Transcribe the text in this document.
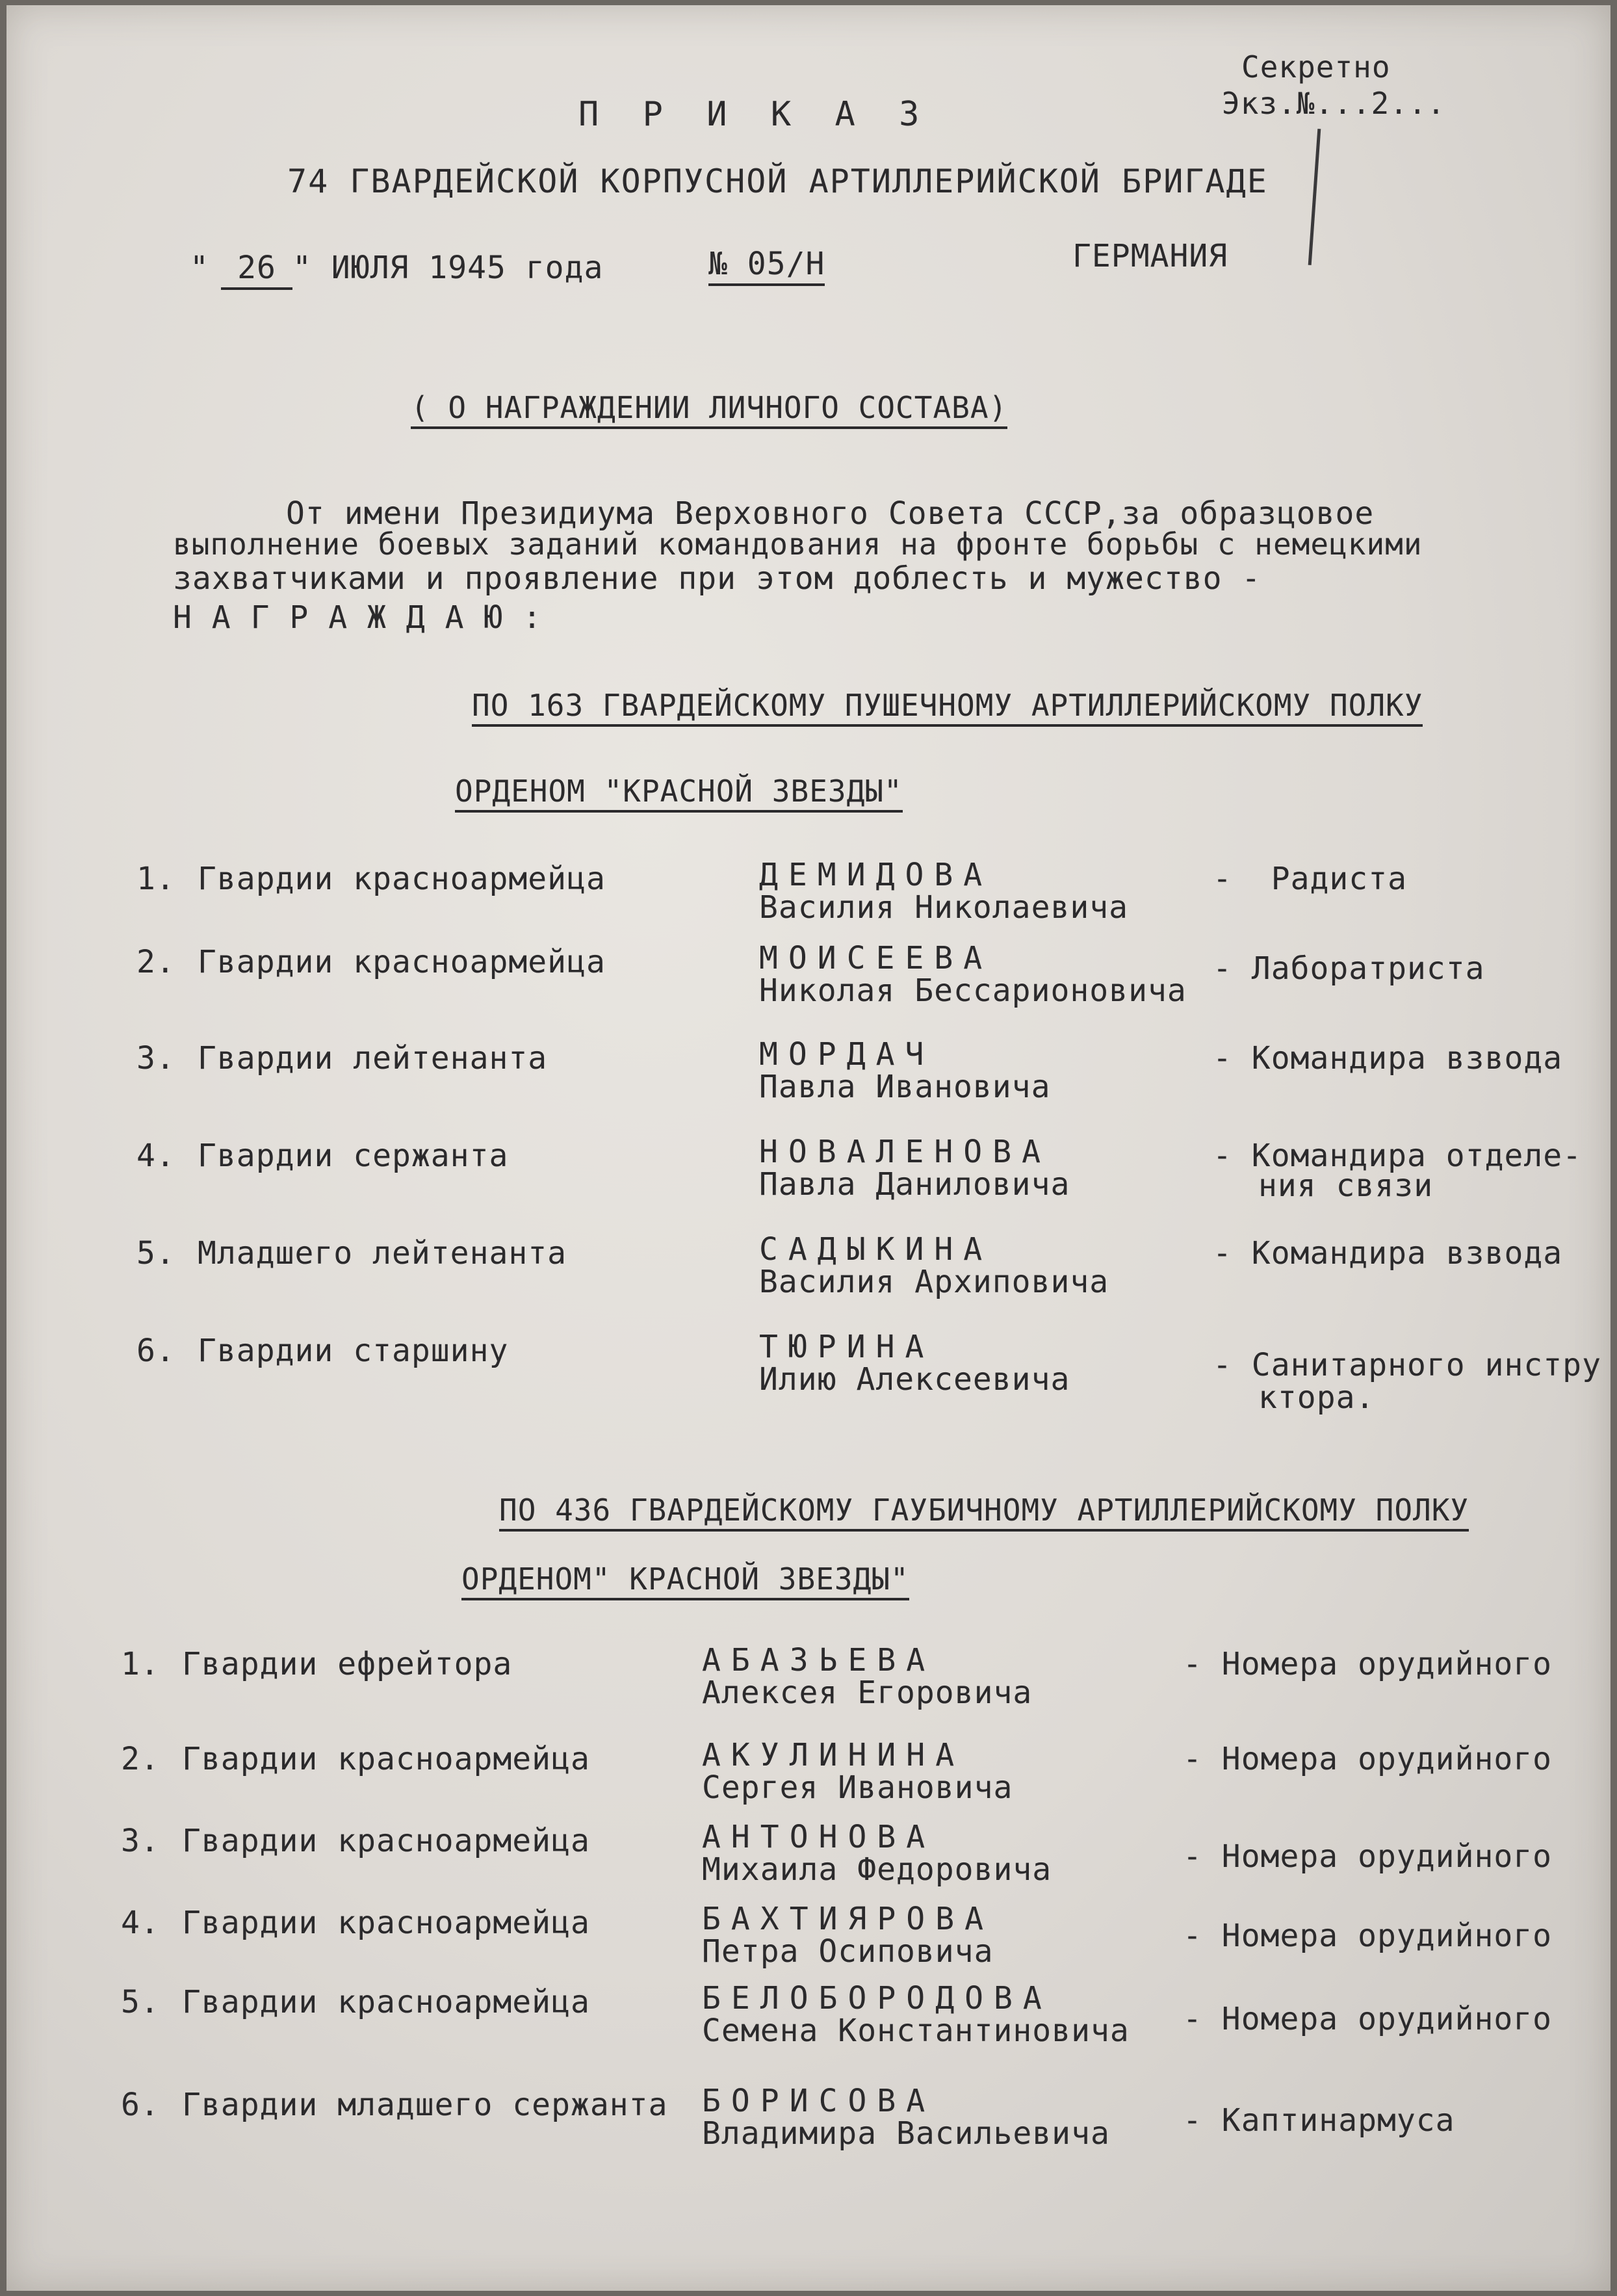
Секретно
Экз.№...2...
П Р И К А З
74 ГВАРДЕЙСКОЙ КОРПУСНОЙ АРТИЛЛЕРИЙСКОЙ БРИГАДЕ
" 26 " ИЮЛЯ 1945 года	№ 05/Н	ГЕРМАНИЯ
( О НАГРАЖДЕНИИ ЛИЧНОГО СОСТАВА)
От имени Президиума Верховного Совета СССР,за образцовое
выполнение боевых заданий командования на фронте борьбы с немецкими
захватчиками и проявление при этом доблесть и мужество -
Н А Г Р А Ж Д А Ю :
ПО 163 ГВАРДЕЙСКОМУ ПУШЕЧНОМУ АРТИЛЛЕРИЙСКОМУ ПОЛКУ
ОРДЕНОМ "КРАСНОЙ ЗВЕЗДЫ"
1. Гвардии красноармейца	ДЕМИДОВА
Василия Николаевича
-  Радиста
2. Гвардии красноармейца	МОИСЕЕВА
Николая Бессарионовича
- Лаборатриста
3. Гвардии лейтенанта	МОРДАЧ
Павла Ивановича
- Командира взвода
4. Гвардии сержанта	НОВАЛЕНОВА
Павла Даниловича
- Командира отделе-
ния связи
5. Младшего лейтенанта	САДЫКИНА
Василия Архиповича
- Командира взвода
6. Гвардии старшину	ТЮРИНА
Илию Алексеевича	- Санитарного инстру
ктора.
ПО 436 ГВАРДЕЙСКОМУ ГАУБИЧНОМУ АРТИЛЛЕРИЙСКОМУ ПОЛКУ
ОРДЕНОМ" КРАСНОЙ ЗВЕЗДЫ"
1. Гвардии ефрейтора	АБАЗЬЕВА
Алексея Егоровича
- Номера орудийного
2. Гвардии красноармейца	АКУЛИНИНА
Сергея Ивановича
- Номера орудийного
3. Гвардии красноармейца	АНТОНОВА
Михаила Федоровича	- Номера орудийного
4. Гвардии красноармейца	БАХТИЯРОВА
Петра Осиповича	- Номера орудийного
5. Гвардии красноармейца	БЕЛОБОРОДОВА
Семена Константиновича - Номера орудийного
6. Гвардии младшего сержанта БОРИСОВА
Владимира Васильевича - Каптинармуса
